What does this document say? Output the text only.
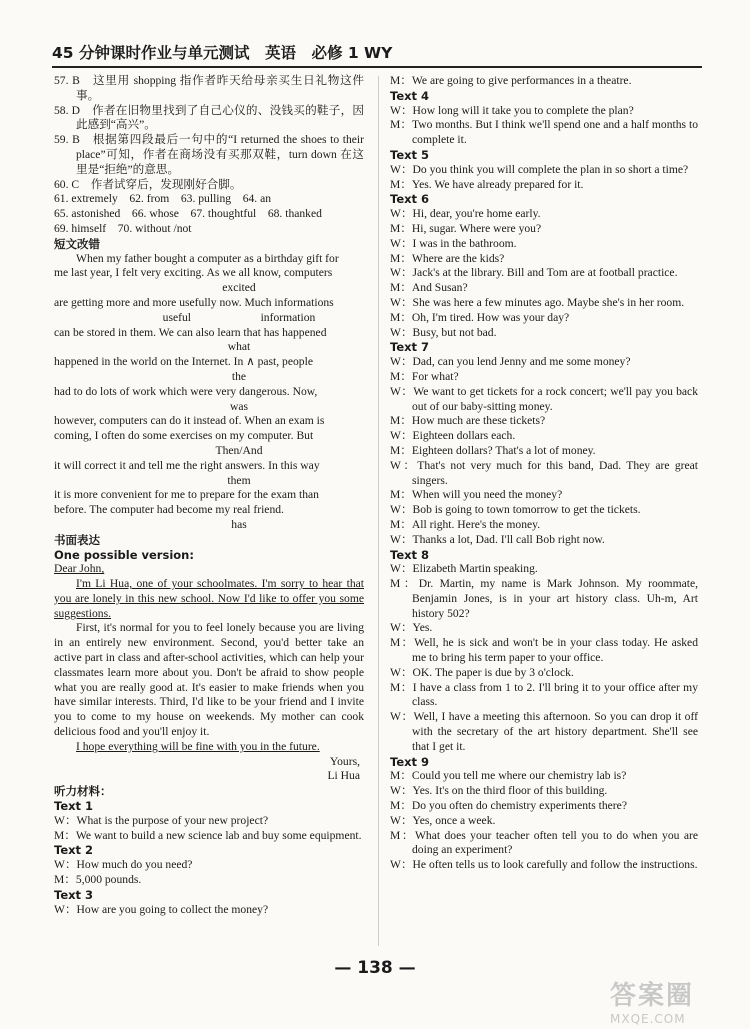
45 分钟课时作业与单元测试　英语　必修 1 WY
57. B　 这里用 shopping 指作者昨天给母亲买生日礼物这件事。
58. D　 作者在旧物里找到了自己心仪的、没钱买的鞋子，因此感到“高兴”。
59. B　 根据第四段最后一句中的“I returned the shoes to their place”可知，作者在商场没有买那双鞋，turn down 在这里是“拒绝”的意思。
60. C　 作者试穿后，发现刚好合脚。
61. extremely　62. from　63. pulling　64. an
65. astonished　66. whose　67. thoughtful　68. thanked
69. himself　70. without /not
短文改错
When my father bought a computer as a birthday gift for
me last year, I felt very exciting. As we all know, computers
excited
are getting more and more usefully now. Much informations
useful　　　　　　information
can be stored in them. We can also learn that has happened
what
happened in the world on the Internet. In ∧ past, people
the
had to do lots of work which were very dangerous. Now,
was
however, computers can do it instead of. When an exam is
coming, I often do some exercises on my computer. But
Then/And
it will correct it and tell me the right answers. In this way
them
it is more convenient for me to prepare for the exam than
before. The computer had become my real friend.
has
书面表达
One possible version:
Dear John,
I'm Li Hua, one of your schoolmates. I'm sorry to hear that you are lonely in this new school. Now I'd like to offer you some suggestions.
First, it's normal for you to feel lonely because you are living in an entirely new environment. Second, you'd better take an active part in class and after-school activities, which can help your classmates learn more about you. Don't be afraid to show people what you are really good at. It's easier to make friends when you have similar interests. Third, I'd like to be your friend and I invite you to come to my house on weekends. My mother can cook delicious food and you'll enjoy it.
I hope everything will be fine with you in the future.
Yours,
Li Hua
听力材料：
Text 1
W：What is the purpose of your new project?
M：We want to build a new science lab and buy some equipment.
Text 2
W：How much do you need?
M：5,000 pounds.
Text 3
W：How are you going to collect the money?
M：We are going to give performances in a theatre.
Text 4
W：How long will it take you to complete the plan?
M：Two months. But I think we'll spend one and a half months to complete it.
Text 5
W：Do you think you will complete the plan in so short a time?
M：Yes. We have already prepared for it.
Text 6
W：Hi, dear, you're home early.
M：Hi, sugar. Where were you?
W：I was in the bathroom.
M：Where are the kids?
W：Jack's at the library. Bill and Tom are at football practice.
M：And Susan?
W：She was here a few minutes ago. Maybe she's in her room.
M：Oh, I'm tired. How was your day?
W：Busy, but not bad.
Text 7
W：Dad, can you lend Jenny and me some money?
M：For what?
W：We want to get tickets for a rock concert; we'll pay you back out of our baby-sitting money.
M：How much are these tickets?
W：Eighteen dollars each.
M：Eighteen dollars? That's a lot of money.
W：That's not very much for this band, Dad. They are great singers.
M：When will you need the money?
W：Bob is going to town tomorrow to get the tickets.
M：All right. Here's the money.
W：Thanks a lot, Dad. I'll call Bob right now.
Text 8
W：Elizabeth Martin speaking.
M：Dr. Martin, my name is Mark Johnson. My roommate, Benjamin Jones, is in your art history class. Uh-m, Art history 502?
W：Yes.
M：Well, he is sick and won't be in your class today. He asked me to bring his term paper to your office.
W：OK. The paper is due by 3 o'clock.
M：I have a class from 1 to 2. I'll bring it to your office after my class.
W：Well, I have a meeting this afternoon. So you can drop it off with the secretary of the art history department. She'll see that I get it.
Text 9
M：Could you tell me where our chemistry lab is?
W：Yes. It's on the third floor of this building.
M：Do you often do chemistry experiments there?
W：Yes, once a week.
M：What does your teacher often tell you to do when you are doing an experiment?
W：He often tells us to look carefully and follow the instructions.
— 138 —
答案圈
MXQE.COM
